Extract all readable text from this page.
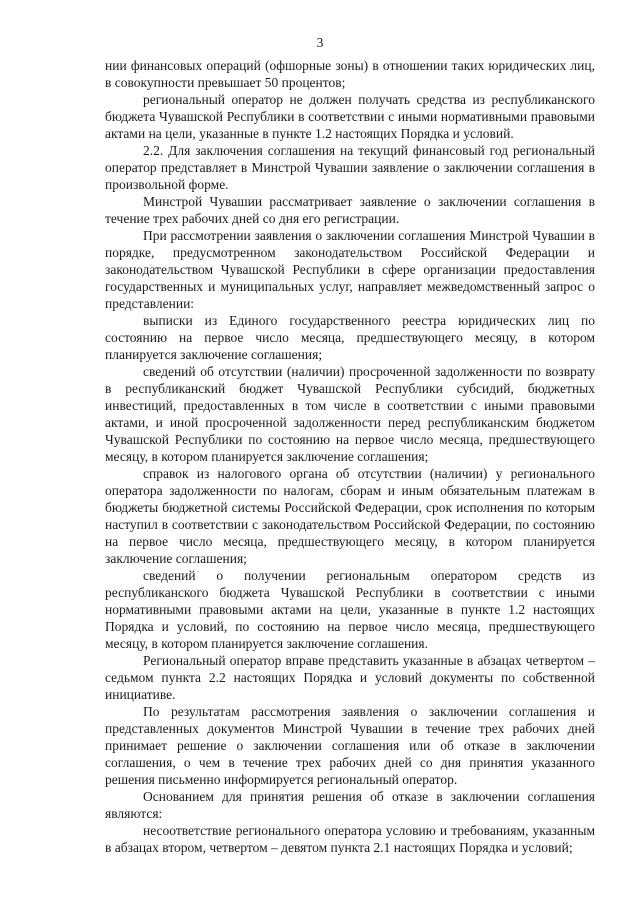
3

нии финансовых операций (офшорные зоны) в отношении таких юридических лиц, в совокупности превышает 50 процентов;

региональный оператор не должен получать средства из республиканского бюджета Чувашской Республики в соответствии с иными нормативными правовыми актами на цели, указанные в пункте 1.2 настоящих Порядка и условий.

2.2. Для заключения соглашения на текущий финансовый год региональный оператор представляет в Минстрой Чувашии заявление о заключении соглашения в произвольной форме.

Минстрой Чувашии рассматривает заявление о заключении соглашения в течение трех рабочих дней со дня его регистрации.

При рассмотрении заявления о заключении соглашения Минстрой Чувашии в порядке, предусмотренном законодательством Российской Федерации и законодательством Чувашской Республики в сфере организации предоставления государственных и муниципальных услуг, направляет межведомственный запрос о представлении:

выписки из Единого государственного реестра юридических лиц по состоянию на первое число месяца, предшествующего месяцу, в котором планируется заключение соглашения;

сведений об отсутствии (наличии) просроченной задолженности по возврату в республиканский бюджет Чувашской Республики субсидий, бюджетных инвестиций, предоставленных в том числе в соответствии с иными правовыми актами, и иной просроченной задолженности перед республиканским бюджетом Чувашской Республики по состоянию на первое число месяца, предшествующего месяцу, в котором планируется заключение соглашения;

справок из налогового органа об отсутствии (наличии) у регионального оператора задолженности по налогам, сборам и иным обязательным платежам в бюджеты бюджетной системы Российской Федерации, срок исполнения по которым наступил в соответствии с законодательством Российской Федерации, по состоянию на первое число месяца, предшествующего месяцу, в котором планируется заключение соглашения;

сведений о получении региональным оператором средств из республиканского бюджета Чувашской Республики в соответствии с иными нормативными правовыми актами на цели, указанные в пункте 1.2 настоящих Порядка и условий, по состоянию на первое число месяца, предшествующего месяцу, в котором планируется заключение соглашения.

Региональный оператор вправе представить указанные в абзацах четвертом – седьмом пункта 2.2 настоящих Порядка и условий документы по собственной инициативе.

По результатам рассмотрения заявления о заключении соглашения и представленных документов Минстрой Чувашии в течение трех рабочих дней принимает решение о заключении соглашения или об отказе в заключении соглашения, о чем в течение трех рабочих дней со дня принятия указанного решения письменно информируется региональный оператор.

Основанием для принятия решения об отказе в заключении соглашения являются:

несоответствие регионального оператора условию и требованиям, указанным в абзацах втором, четвертом – девятом пункта 2.1 настоящих Порядка и условий;
